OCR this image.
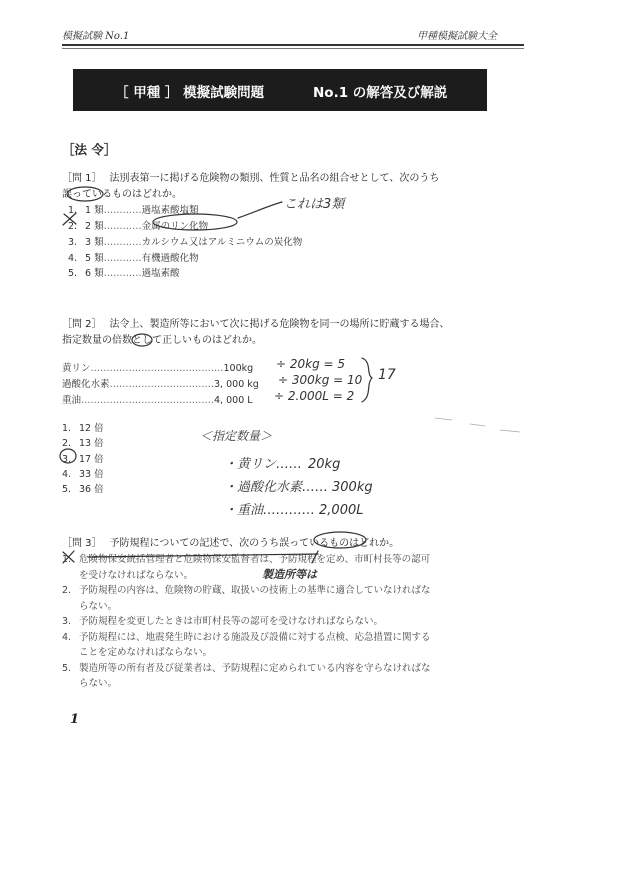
模擬試験 No.1	甲種模擬試験大全
［ 甲種 ］ 模擬試験問題	No.1 の解答及び解説
［法 令］
［問 1］ 法別表第一に掲げる危険物の類別、性質と品名の組合せとして、次のうち
誤っているものはどれか。
1. 1 類…………過塩素酸塩類
2. 2 類…………金属のリン化物
3. 3 類…………カルシウム又はアルミニウムの炭化物
4. 5 類…………有機過酸化物
5. 6 類…………過塩素酸
これは3類
［問 2］ 法令上、製造所等において次に掲げる危険物を同一の場所に貯蔵する場合、
指定数量の倍数として正しいものはどれか。
黄リン……………………………………100kg
過酸化水素……………………………3, 000 kg
重油……………………………………4, 000 L
÷ 20kg = 5
÷ 300kg = 10
÷ 2.000L = 2
17
1. 12 倍
2. 13 倍
3. 17 倍
4. 33 倍
5. 36 倍
＜指定数量＞
・黄リン…… 20kg
・過酸化水素…… 300kg
・重油………… 2,000L
［問 3］ 予防規程についての記述で、次のうち誤っているものはどれか。
1. 危険物保安統括管理者と危険物保安監督者は、予防規程を定め、市町村長等の認可
を受けなければならない。
2. 予防規程の内容は、危険物の貯蔵、取扱いの技術上の基準に適合していなければな
らない。
3. 予防規程を変更したときは市町村長等の認可を受けなければならない。
4. 予防規程には、地震発生時における施設及び設備に対する点検、応急措置に関する
ことを定めなければならない。
5. 製造所等の所有者及び従業者は、予防規程に定められている内容を守らなければな
らない。
製造所等は
1
